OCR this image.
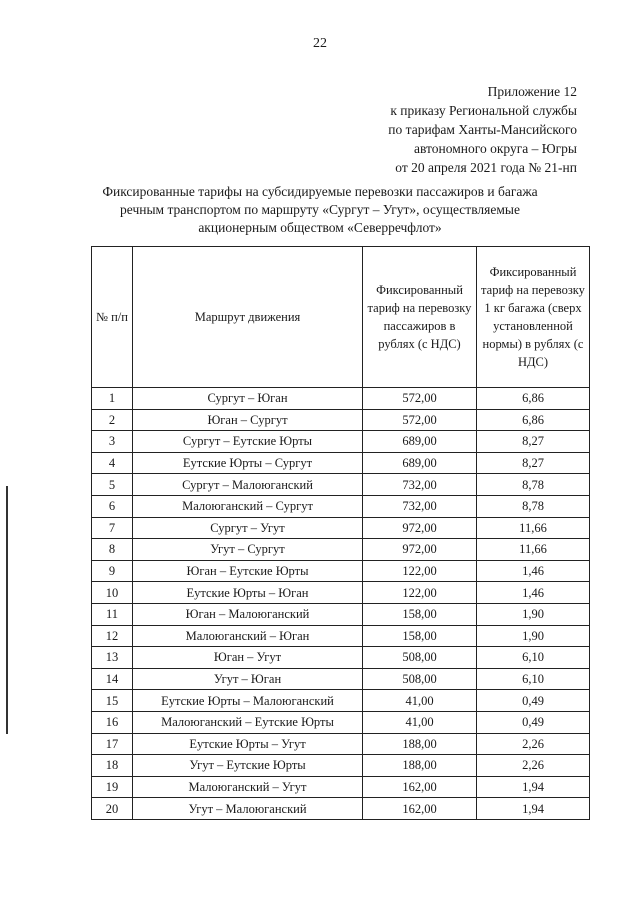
22
Приложение 12
к приказу Региональной службы
по тарифам Ханты-Мансийского
автономного округа – Югры
от 20 апреля 2021 года № 21-нп
Фиксированные тарифы на субсидируемые перевозки пассажиров и багажа
речным транспортом по маршруту «Сургут – Угут», осуществляемые
акционерным обществом «Северречфлот»
№ п/п	Маршрут движения	Фиксированный тариф на перевозку пассажиров в рублях (с НДС)	Фиксированный тариф на перевозку 1 кг багажа (сверх установленной нормы) в рублях (с НДС)
1	Сургут – Юган	572,00	6,86
2	Юган – Сургут	572,00	6,86
3	Сургут – Еутские Юрты	689,00	8,27
4	Еутские Юрты – Сургут	689,00	8,27
5	Сургут – Малоюганский	732,00	8,78
6	Малоюганский – Сургут	732,00	8,78
7	Сургут – Угут	972,00	11,66
8	Угут – Сургут	972,00	11,66
9	Юган – Еутские Юрты	122,00	1,46
10	Еутские Юрты – Юган	122,00	1,46
11	Юган – Малоюганский	158,00	1,90
12	Малоюганский – Юган	158,00	1,90
13	Юган – Угут	508,00	6,10
14	Угут – Юган	508,00	6,10
15	Еутские Юрты – Малоюганский	41,00	0,49
16	Малоюганский – Еутские Юрты	41,00	0,49
17	Еутские Юрты – Угут	188,00	2,26
18	Угут – Еутские Юрты	188,00	2,26
19	Малоюганский – Угут	162,00	1,94
20	Угут – Малоюганский	162,00	1,94
